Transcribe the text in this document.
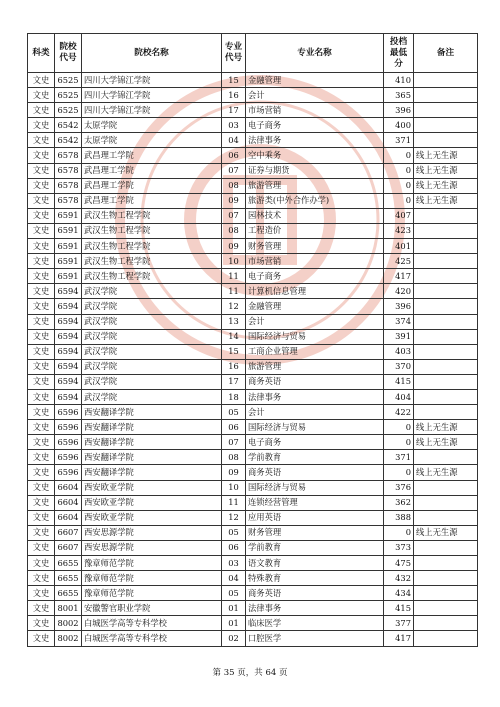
科类	院校代号	院校名称	专业代号	专业名称	投档最低分	备注
文史	6525	四川大学锦江学院	15	金融管理	410	
文史	6525	四川大学锦江学院	16	会计	365	
文史	6525	四川大学锦江学院	17	市场营销	396	
文史	6542	太原学院	03	电子商务	400	
文史	6542	太原学院	04	法律事务	371	
文史	6578	武昌理工学院	06	空中乘务	0	线上无生源
文史	6578	武昌理工学院	07	证券与期货	0	线上无生源
文史	6578	武昌理工学院	08	旅游管理	0	线上无生源
文史	6578	武昌理工学院	09	旅游类(中外合作办学)	0	线上无生源
文史	6591	武汉生物工程学院	07	园林技术	407	
文史	6591	武汉生物工程学院	08	工程造价	423	
文史	6591	武汉生物工程学院	09	财务管理	401	
文史	6591	武汉生物工程学院	10	市场营销	425	
文史	6591	武汉生物工程学院	11	电子商务	417	
文史	6594	武汉学院	11	计算机信息管理	420	
文史	6594	武汉学院	12	金融管理	396	
文史	6594	武汉学院	13	会计	374	
文史	6594	武汉学院	14	国际经济与贸易	391	
文史	6594	武汉学院	15	工商企业管理	403	
文史	6594	武汉学院	16	旅游管理	370	
文史	6594	武汉学院	17	商务英语	415	
文史	6594	武汉学院	18	法律事务	404	
文史	6596	西安翻译学院	05	会计	422	
文史	6596	西安翻译学院	06	国际经济与贸易	0	线上无生源
文史	6596	西安翻译学院	07	电子商务	0	线上无生源
文史	6596	西安翻译学院	08	学前教育	371	
文史	6596	西安翻译学院	09	商务英语	0	线上无生源
文史	6604	西安欧亚学院	10	国际经济与贸易	376	
文史	6604	西安欧亚学院	11	连锁经营管理	362	
文史	6604	西安欧亚学院	12	应用英语	388	
文史	6607	西安思源学院	05	财务管理	0	线上无生源
文史	6607	西安思源学院	06	学前教育	373	
文史	6655	豫章师范学院	03	语文教育	475	
文史	6655	豫章师范学院	04	特殊教育	432	
文史	6655	豫章师范学院	05	商务英语	434	
文史	8001	安徽警官职业学院	01	法律事务	415	
文史	8002	白城医学高等专科学校	01	临床医学	377	
文史	8002	白城医学高等专科学校	02	口腔医学	417	
第 35 页，共 64 页
